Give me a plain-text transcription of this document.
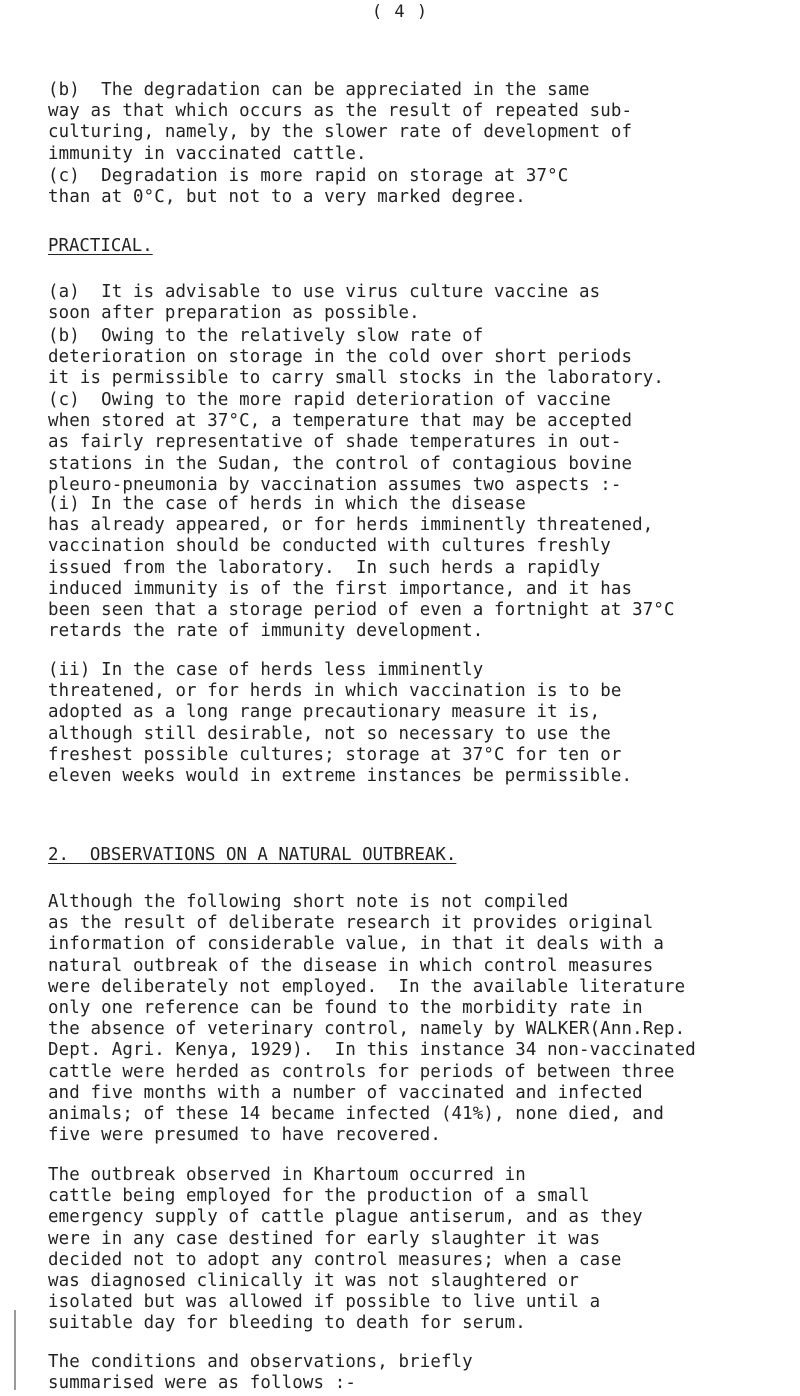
( 4 )

(b)  The degradation can be appreciated in the same
way as that which occurs as the result of repeated sub-
culturing, namely, by the slower rate of development of
immunity in vaccinated cattle.

(c)  Degradation is more rapid on storage at 37°C
than at 0°C, but not to a very marked degree.

PRACTICAL.

(a)  It is advisable to use virus culture vaccine as
soon after preparation as possible.

(b)  Owing to the relatively slow rate of
deterioration on storage in the cold over short periods
it is permissible to carry small stocks in the laboratory.

(c)  Owing to the more rapid deterioration of vaccine
when stored at 37°C, a temperature that may be accepted
as fairly representative of shade temperatures in out-
stations in the Sudan, the control of contagious bovine
pleuro-pneumonia by vaccination assumes two aspects :-

(i) In the case of herds in which the disease
has already appeared, or for herds imminently threatened,
vaccination should be conducted with cultures freshly
issued from the laboratory.  In such herds a rapidly
induced immunity is of the first importance, and it has
been seen that a storage period of even a fortnight at 37°C
retards the rate of immunity development.

(ii) In the case of herds less imminently
threatened, or for herds in which vaccination is to be
adopted as a long range precautionary measure it is,
although still desirable, not so necessary to use the
freshest possible cultures; storage at 37°C for ten or
eleven weeks would in extreme instances be permissible.

2.  OBSERVATIONS ON A NATURAL OUTBREAK.

Although the following short note is not compiled
as the result of deliberate research it provides original
information of considerable value, in that it deals with a
natural outbreak of the disease in which control measures
were deliberately not employed.  In the available literature
only one reference can be found to the morbidity rate in
the absence of veterinary control, namely by WALKER(Ann.Rep.
Dept. Agri. Kenya, 1929).  In this instance 34 non-vaccinated
cattle were herded as controls for periods of between three
and five months with a number of vaccinated and infected
animals; of these 14 became infected (41%), none died, and
five were presumed to have recovered.

The outbreak observed in Khartoum occurred in
cattle being employed for the production of a small
emergency supply of cattle plague antiserum, and as they
were in any case destined for early slaughter it was
decided not to adopt any control measures; when a case
was diagnosed clinically it was not slaughtered or
isolated but was allowed if possible to live until a
suitable day for bleeding to death for serum.

The conditions and observations, briefly
summarised were as follows :-
